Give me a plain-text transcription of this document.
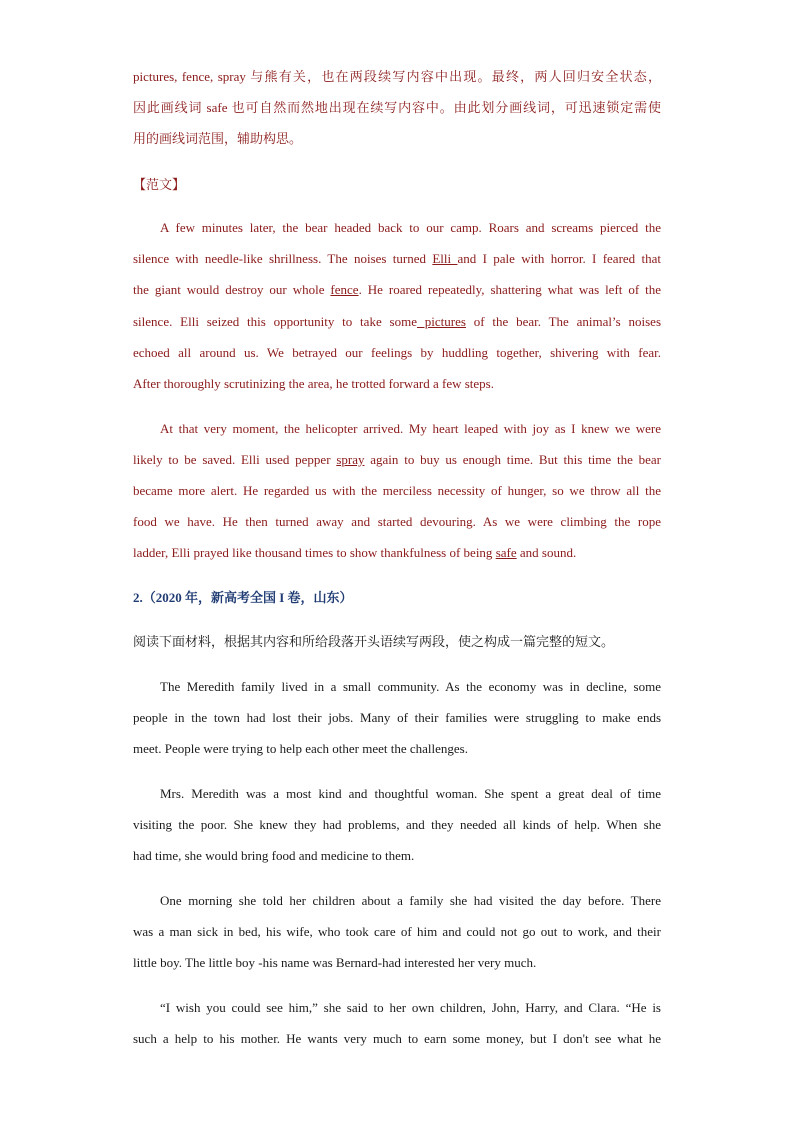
pictures, fence, spray 与熊有关，也在两段续写内容中出现。最终，两人回归安全状态，
因此画线词 safe 也可自然而然地出现在续写内容中。由此划分画线词，可迅速锁定需使
用的画线词范围，辅助构思。
【范文】
A few minutes later, the bear headed back to our camp. Roars and screams pierced the
silence with needle-like shrillness. The noises turned Elli and I pale with horror. I feared that
the giant would destroy our whole fence. He roared repeatedly, shattering what was left of the
silence. Elli seized this opportunity to take some pictures of the bear. The animal’s noises
echoed all around us. We betrayed our feelings by huddling together, shivering with fear.
After thoroughly scrutinizing the area, he trotted forward a few steps.
At that very moment, the helicopter arrived. My heart leaped with joy as I knew we were
likely to be saved. Elli used pepper spray again to buy us enough time. But this time the bear
became more alert. He regarded us with the merciless necessity of hunger, so we throw all the
food we have. He then turned away and started devouring. As we were climbing the rope
ladder, Elli prayed like thousand times to show thankfulness of being safe and sound.
2.（2020 年，新高考全国 I 卷，山东）
阅读下面材料，根据其内容和所给段落开头语续写两段，使之构成一篇完整的短文。
The Meredith family lived in a small community. As the economy was in decline, some
people in the town had lost their jobs. Many of their families were struggling to make ends
meet. People were trying to help each other meet the challenges.
Mrs. Meredith was a most kind and thoughtful woman. She spent a great deal of time
visiting the poor. She knew they had problems, and they needed all kinds of help. When she
had time, she would bring food and medicine to them.
One morning she told her children about a family she had visited the day before. There
was a man sick in bed, his wife, who took care of him and could not go out to work, and their
little boy. The little boy -his name was Bernard-had interested her very much.
“I wish you could see him,” she said to her own children, John, Harry, and Clara. “He is
such a help to his mother. He wants very much to earn some money, but I don't see what he
